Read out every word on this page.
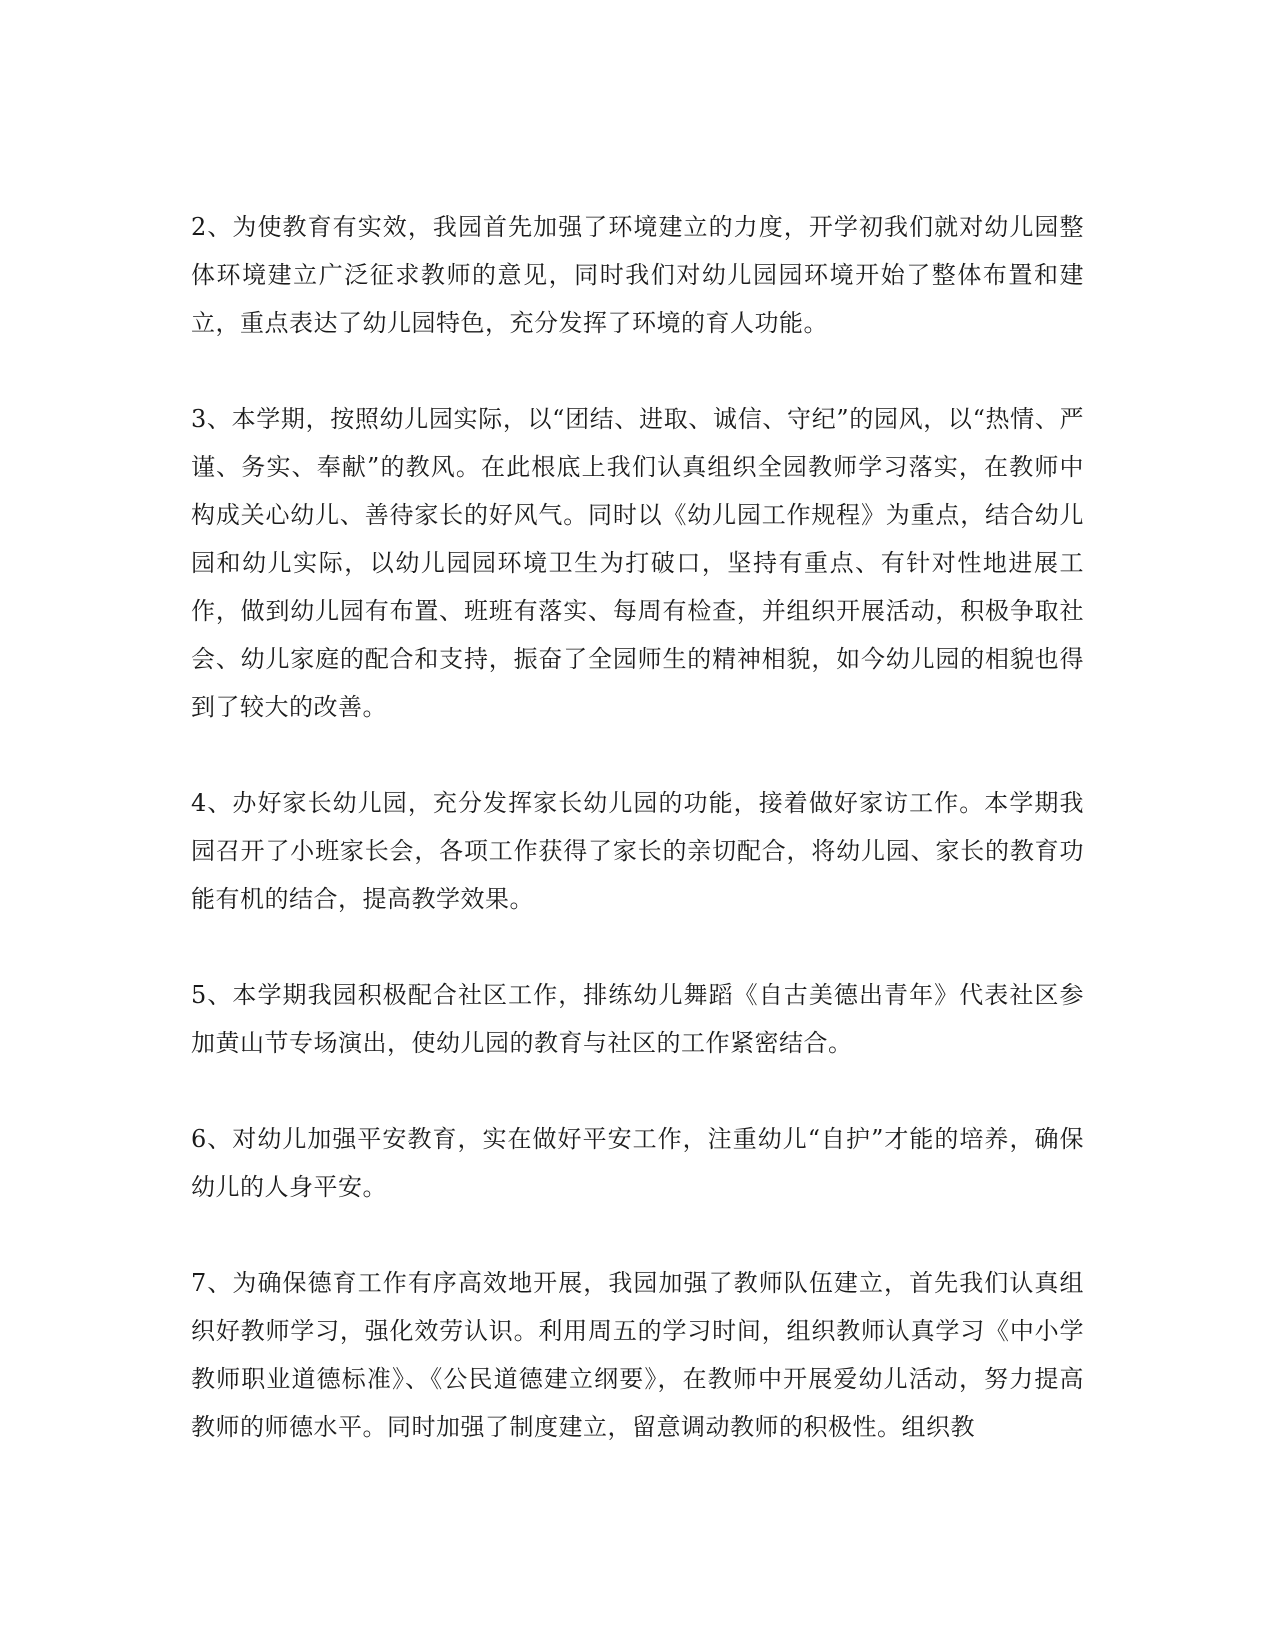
2、为使教育有实效，我园首先加强了环境建立的力度，开学初我们就对幼儿园整体环境建立广泛征求教师的意见，同时我们对幼儿园园环境开始了整体布置和建立，重点表达了幼儿园特色，充分发挥了环境的育人功能。

3、本学期，按照幼儿园实际，以“团结、进取、诚信、守纪”的园风，以“热情、严谨、务实、奉献”的教风。在此根底上我们认真组织全园教师学习落实，在教师中构成关心幼儿、善待家长的好风气。同时以《幼儿园工作规程》为重点，结合幼儿园和幼儿实际，以幼儿园园环境卫生为打破口，坚持有重点、有针对性地进展工作，做到幼儿园有布置、班班有落实、每周有检查，并组织开展活动，积极争取社会、幼儿家庭的配合和支持，振奋了全园师生的精神相貌，如今幼儿园的相貌也得到了较大的改善。

4、办好家长幼儿园，充分发挥家长幼儿园的功能，接着做好家访工作。本学期我园召开了小班家长会，各项工作获得了家长的亲切配合，将幼儿园、家长的教育功能有机的结合，提高教学效果。

5、本学期我园积极配合社区工作，排练幼儿舞蹈《自古美德出青年》代表社区参加黄山节专场演出，使幼儿园的教育与社区的工作紧密结合。

6、对幼儿加强平安教育，实在做好平安工作，注重幼儿“自护”才能的培养，确保幼儿的人身平安。

7、为确保德育工作有序高效地开展，我园加强了教师队伍建立，首先我们认真组织好教师学习，强化效劳认识。利用周五的学习时间，组织教师认真学习《中小学教师职业道德标准》、《公民道德建立纲要》，在教师中开展爱幼儿活动，努力提高教师的师德水平。同时加强了制度建立，留意调动教师的积极性。组织教
